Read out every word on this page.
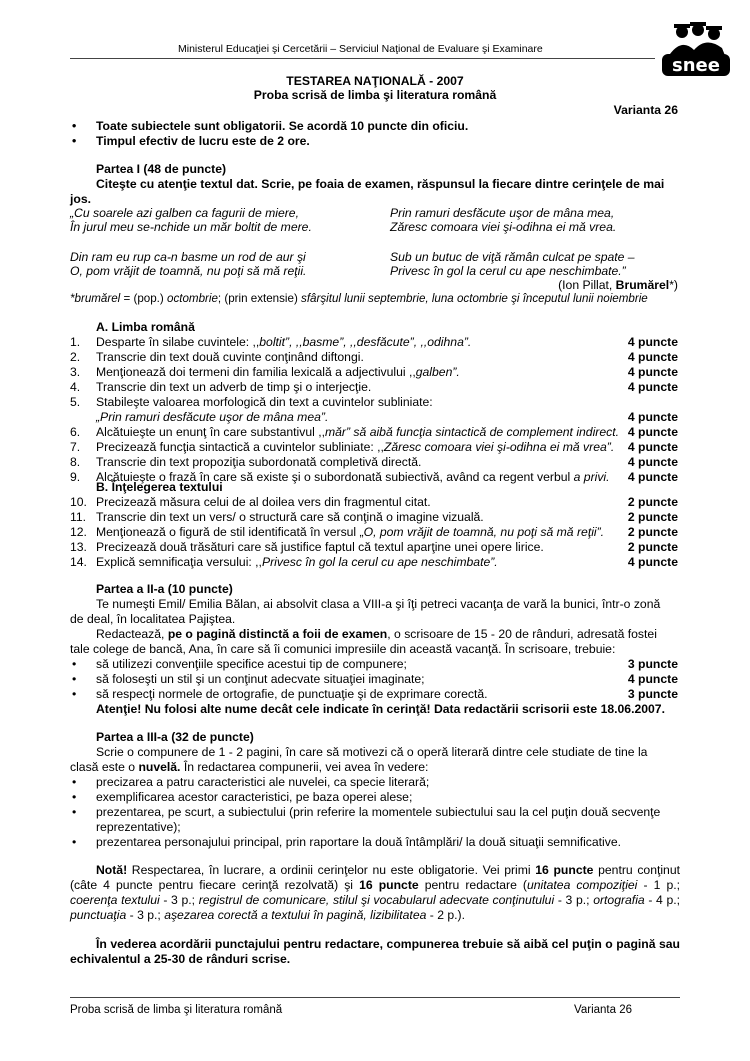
Ministerul Educaţiei şi Cercetării – Serviciul Naţional de Evaluare şi Examinare
snee
TESTAREA NAŢIONALĂ - 2007
Proba scrisă de limba şi literatura română
Varianta 26
• Toate subiectele sunt obligatorii. Se acordă 10 puncte din oficiu.
• Timpul efectiv de lucru este de 2 ore.
Partea I (48 de puncte)
Citeşte cu atenţie textul dat. Scrie, pe foaia de examen, răspunsul la fiecare dintre cerinţele de mai
jos.
„Cu soarele azi galben ca fagurii de miere,
În jurul meu se-nchide un măr boltit de mere.
Din ram eu rup ca-n basme un rod de aur şi
O, pom vrăjit de toamnă, nu poţi să mă reţii.
Prin ramuri desfăcute uşor de mâna mea,
Zăresc comoara viei şi-odihna ei mă vrea.
Sub un butuc de viţă rămân culcat pe spate –
Privesc în gol la cerul cu ape neschimbate.”
(Ion Pillat, Brumărel*)
*brumărel = (pop.) octombrie; (prin extensie) sfârşitul lunii septembrie, luna octombrie şi începutul lunii noiembrie
A. Limba română
1. Desparte în silabe cuvintele: ,,boltit”, ,,basme”, ,,desfăcute”, ,,odihna”.	4 puncte
2. Transcrie din text două cuvinte conţinând diftongi.	4 puncte
3. Menţionează doi termeni din familia lexicală a adjectivului ,,galben”.	4 puncte
4. Transcrie din text un adverb de timp şi o interjecţie.	4 puncte
5. Stabileşte valoarea morfologică din text a cuvintelor subliniate:
„Prin ramuri desfăcute uşor de mâna mea”.	4 puncte
6. Alcătuieşte un enunţ în care substantivul ,,măr” să aibă funcţia sintactică de complement indirect. 4 puncte
7. Precizează funcţia sintactică a cuvintelor subliniate: ,,Zăresc comoara viei şi-odihna ei mă vrea”. 4 puncte
8. Transcrie din text propoziţia subordonată completivă directă.	4 puncte
9. Alcătuieşte o frază în care să existe şi o subordonată subiectivă, având ca regent verbul a privi. 4 puncte
10. Precizează măsura celui de al doilea vers din fragmentul citat.	2 puncte
11. Transcrie din text un vers/ o structură care să conţină o imagine vizuală.	2 puncte
12. Menţionează o figură de stil identificată în versul „O, pom vrăjit de toamnă, nu poţi să mă reţii”. 2 puncte
13. Precizează două trăsături care să justifice faptul că textul aparţine unei opere lirice.	2 puncte
14. Explică semnificaţia versului: ,,Privesc în gol la cerul cu ape neschimbate”.	4 puncte
B. Înţelegerea textului
Partea a II-a (10 puncte)
Te numeşti Emil/ Emilia Bălan, ai absolvit clasa a VIII-a şi îţi petreci vacanţa de vară la bunici, într-o zonă
de deal, în localitatea Pajiştea.
Redactează, pe o pagină distinctă a foii de examen, o scrisoare de 15 - 20 de rânduri, adresată fostei
tale colege de bancă, Ana, în care să îi comunici impresiile din această vacanţă. În scrisoare, trebuie:
• să utilizezi convenţiile specifice acestui tip de compunere;	3 puncte
• să foloseşti un stil şi un conţinut adecvate situaţiei imaginate;	4 puncte
• să respecţi normele de ortografie, de punctuaţie şi de exprimare corectă.	3 puncte
Atenţie! Nu folosi alte nume decât cele indicate în cerinţă! Data redactării scrisorii este 18.06.2007.
Partea a III-a (32 de puncte)
Scrie o compunere de 1 - 2 pagini, în care să motivezi că o operă literară dintre cele studiate de tine la
clasă este o nuvelă. În redactarea compunerii, vei avea în vedere:
• precizarea a patru caracteristici ale nuvelei, ca specie literară;
• exemplificarea acestor caracteristici, pe baza operei alese;
• prezentarea, pe scurt, a subiectului (prin referire la momentele subiectului sau la cel puţin două secvenţe
reprezentative);
• prezentarea personajului principal, prin raportare la două întâmplări/ la două situaţii semnificative.
Notă! Respectarea, în lucrare, a ordinii cerinţelor nu este obligatorie. Vei primi 16 puncte pentru conţinut (câte 4 puncte pentru fiecare cerinţă rezolvată) şi 16 puncte pentru redactare (unitatea compoziţiei - 1 p.; coerenţa textului - 3 p.; registrul de comunicare, stilul şi vocabularul adecvate conţinutului - 3 p.; ortografia - 4 p.; punctuaţia - 3 p.; aşezarea corectă a textului în pagină, lizibilitatea - 2 p.).
În vederea acordării punctajului pentru redactare, compunerea trebuie să aibă cel puţin o pagină sau echivalentul a 25-30 de rânduri scrise.
Proba scrisă de limba şi literatura română	Varianta 26
